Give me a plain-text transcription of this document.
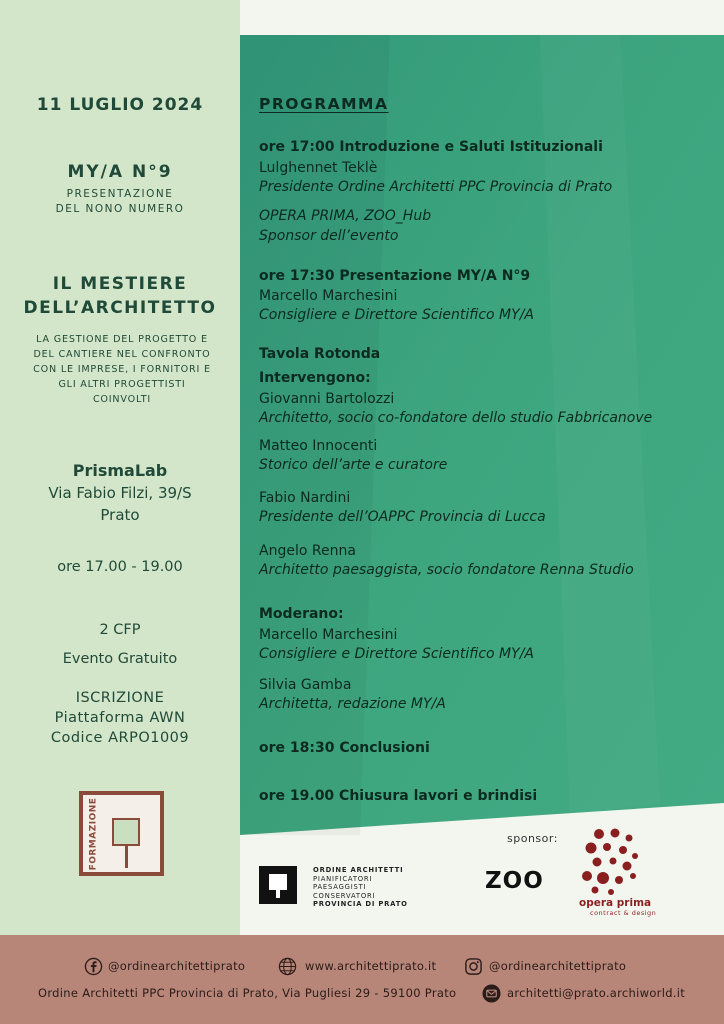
11 LUGLIO 2024
MY/A N°9
PRESENTAZIONE
DEL NONO NUMERO
IL MESTIERE
DELL’ARCHITETTO
LA GESTIONE DEL PROGETTO E
DEL CANTIERE NEL CONFRONTO
CON LE IMPRESE, I FORNITORI E
GLI ALTRI PROGETTISTI
COINVOLTI
PrismaLab
Via Fabio Filzi, 39/S
Prato
ore 17.00 - 19.00
2 CFP
Evento Gratuito
ISCRIZIONE
Piattaforma AWN
Codice ARPO1009
FORMAZIONE
PROGRAMMA
ore 17:00 Introduzione e Saluti Istituzionali
Lulghennet Teklè
Presidente Ordine Architetti PPC Provincia di Prato
OPERA PRIMA, ZOO_Hub
Sponsor dell’evento
ore 17:30 Presentazione MY/A N°9
Marcello Marchesini
Consigliere e Direttore Scientifico MY/A
Tavola Rotonda
Intervengono:
Giovanni Bartolozzi
Architetto, socio co-fondatore dello studio Fabbricanove
Matteo Innocenti
Storico dell’arte e curatore
Fabio Nardini
Presidente dell’OAPPC Provincia di Lucca
Angelo Renna
Architetto paesaggista, socio fondatore Renna Studio
Moderano:
Marcello Marchesini
Consigliere e Direttore Scientifico MY/A
Silvia Gamba
Architetta, redazione MY/A
ore 18:30 Conclusioni
ore 19.00 Chiusura lavori e brindisi
ORDINE ARCHITETTI
PIANIFICATORI
PAESAGGISTI
CONSERVATORI
PROVINCIA DI PRATO
sponsor:
ZOO
opera prima
contract & design
@ordinearchitettiprato	www.architettiprato.it	@ordinearchitettiprato
Ordine Architetti PPC Provincia di Prato, Via Pugliesi 29 - 59100 Prato	architetti@prato.archiworld.it
